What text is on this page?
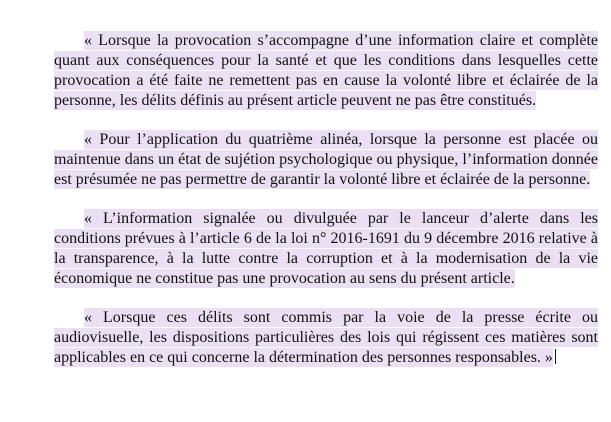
« Lorsque la provocation s’accompagne d’une information claire et complète quant aux conséquences pour la santé et que les conditions dans lesquelles cette provocation a été faite ne remettent pas en cause la volonté libre et éclairée de la personne, les délits définis au présent article peuvent ne pas être constitués.

« Pour l’application du quatrième alinéa, lorsque la personne est placée ou maintenue dans un état de sujétion psychologique ou physique, l’information donnée est présumée ne pas permettre de garantir la volonté libre et éclairée de la personne.

« L’information signalée ou divulguée par le lanceur d’alerte dans les conditions prévues à l’article 6 de la loi n° 2016-1691 du 9 décembre 2016 relative à la transparence, à la lutte contre la corruption et à la modernisation de la vie économique ne constitue pas une provocation au sens du présent article.

« Lorsque ces délits sont commis par la voie de la presse écrite ou audiovisuelle, les dispositions particulières des lois qui régissent ces matières sont applicables en ce qui concerne la détermination des personnes responsables. »
